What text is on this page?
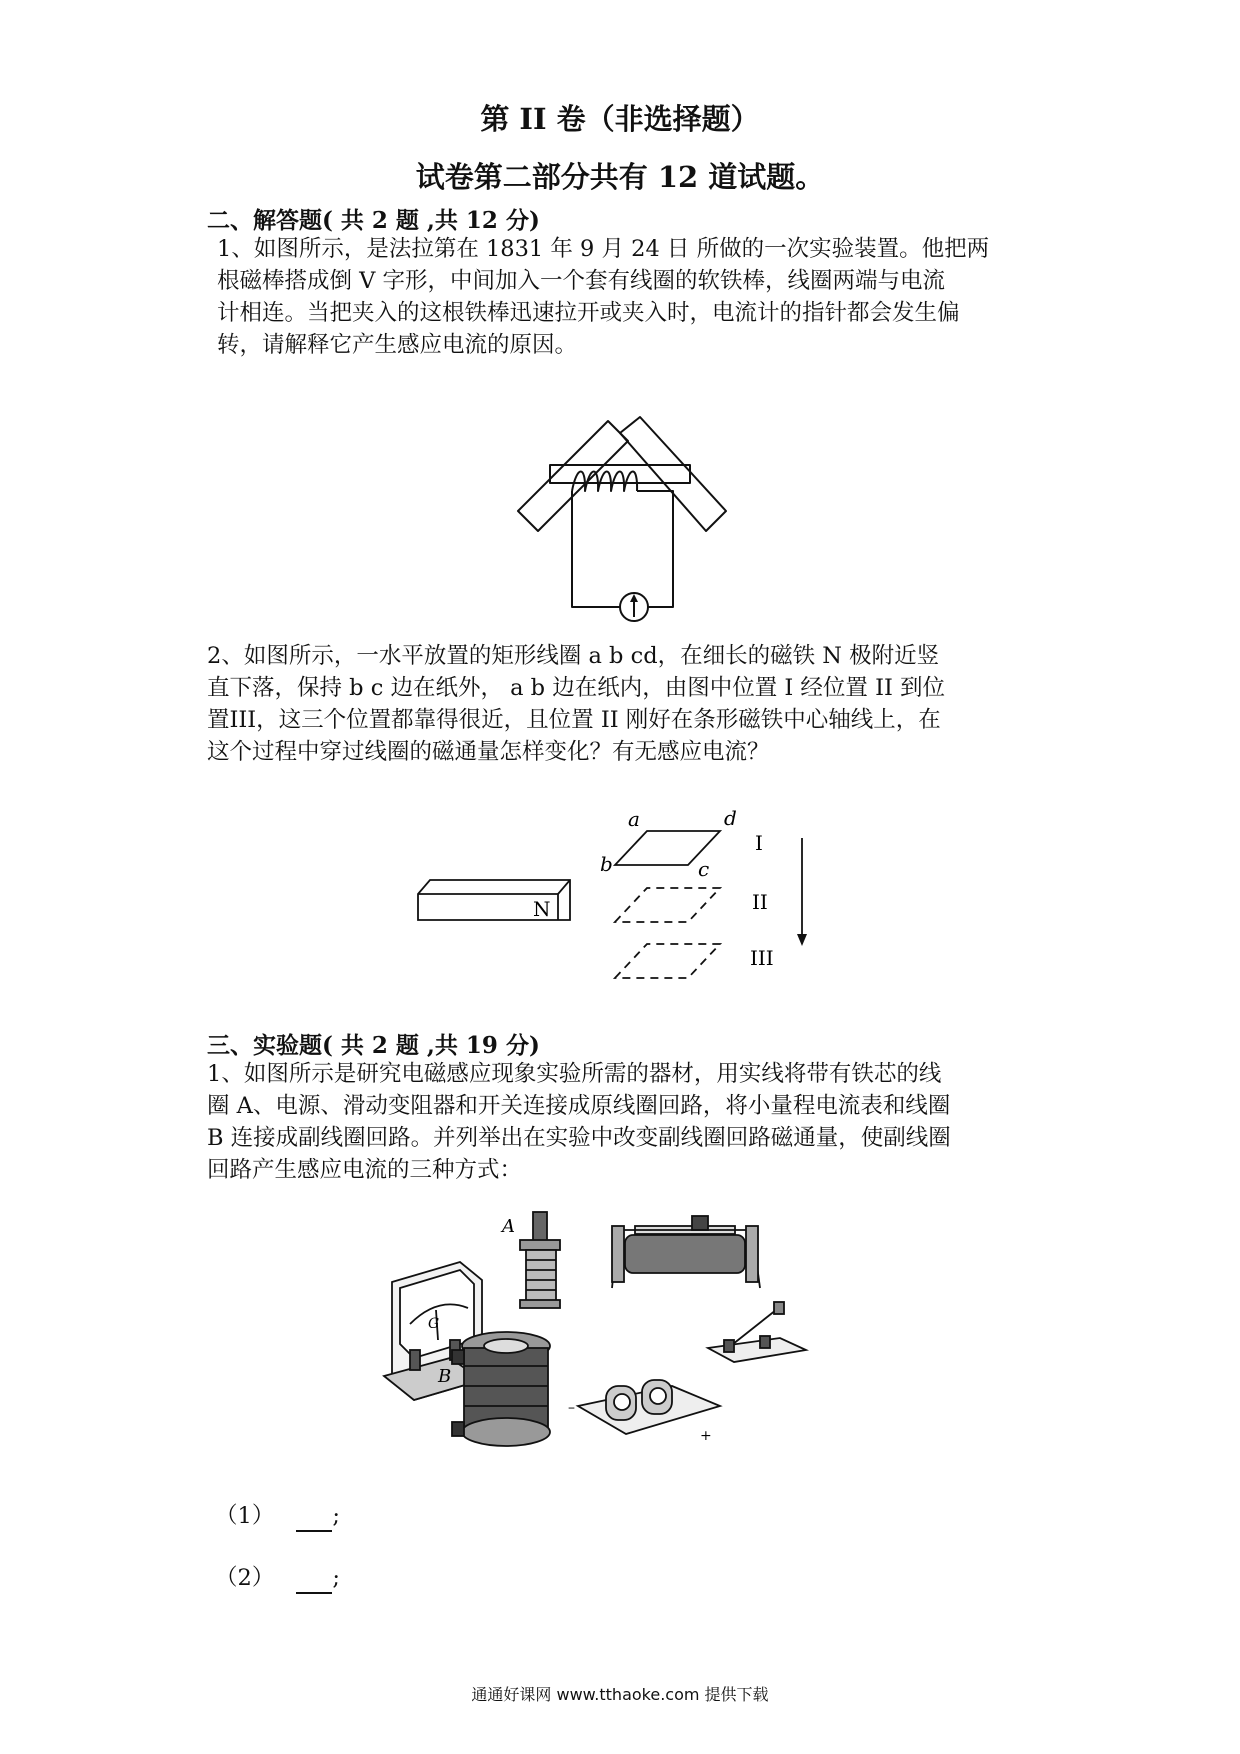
第 II 卷（非选择题）
试卷第二部分共有 12 道试题。
二、解答题( 共 2 题 ,共 12 分)
1、如图所示，是法拉第在 1831 年 9 月 24 日 所做的一次实验装置。他把两
根磁棒搭成倒 V 字形，中间加入一个套有线圈的软铁棒，线圈两端与电流
计相连。当把夹入的这根铁棒迅速拉开或夹入时，电流计的指针都会发生偏
转，请解释它产生感应电流的原因。
2、如图所示，一水平放置的矩形线圈 a b cd，在细长的磁铁 N 极附近竖
直下落，保持 b c 边在纸外， a b 边在纸内，由图中位置 I 经位置 II 到位
置III，这三个位置都靠得很近，且位置 II 刚好在条形磁铁中心轴线上，在
这个过程中穿过线圈的磁通量怎样变化？有无感应电流？
N
a
b	c
d
I
II
III
三、实验题( 共 2 题 ,共 19 分)
1、如图所示是研究电磁感应现象实验所需的器材，用实线将带有铁芯的线
圈 A、电源、滑动变阻器和开关连接成原线圈回路，将小量程电流表和线圈
B 连接成副线圈回路。并列举出在实验中改变副线圈回路磁通量，使副线圈
回路产生感应电流的三种方式：
A
B
G
–
+
（1）	;
（2）	;
通通好课网 www.tthaoke.com 提供下载
